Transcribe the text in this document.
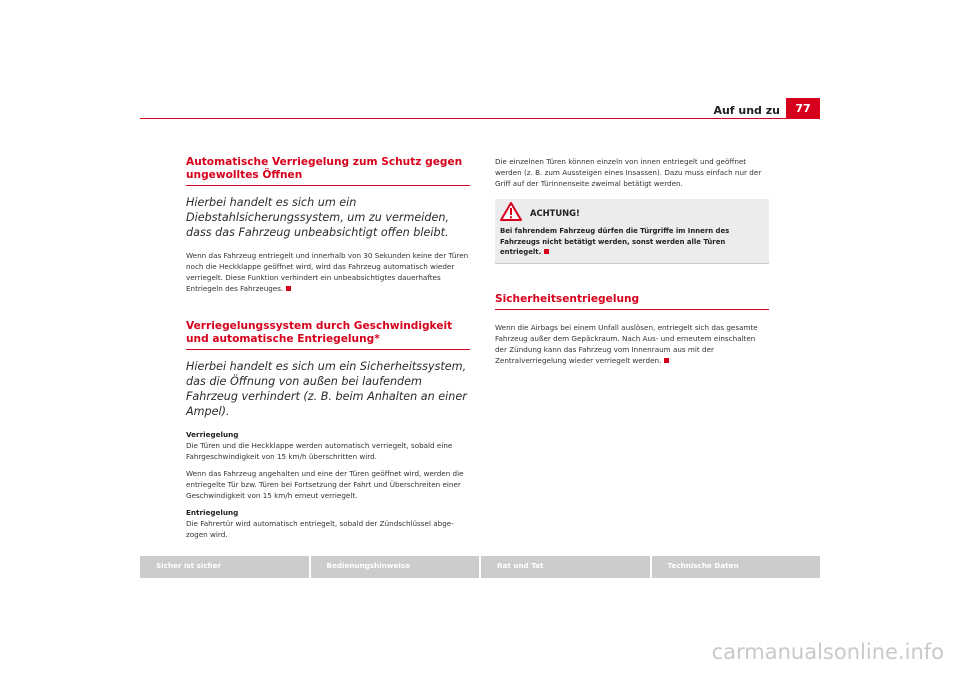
Auf und zu	77
Automatische Verriegelung zum Schutz gegen ungewolltes Öffnen
Hierbei handelt es sich um ein Diebstahlsicherungssystem, um zu vermeiden, dass das Fahrzeug unbeabsichtigt offen bleibt.

Wenn das Fahrzeug entriegelt und innerhalb von 30 Sekunden keine der Türen noch die Heckklappe geöffnet wird, wird das Fahrzeug automatisch wieder verriegelt. Diese Funktion verhindert ein unbeabsichtigtes dauerhaftes Entriegeln des Fahrzeuges.

Verriegelungssystem durch Geschwindigkeit und automatische Entriegelung*
Hierbei handelt es sich um ein Sicherheitssystem, das die Öffnung von außen bei laufendem Fahrzeug verhindert (z. B. beim Anhalten an einer Ampel).
Verriegelung

Die Türen und die Heckklappe werden automatisch verriegelt, sobald eine Fahrgeschwindigkeit von 15 km/h überschritten wird.

Wenn das Fahrzeug angehalten und eine der Türen geöffnet wird, werden die entriegelte Tür bzw. Türen bei Fortsetzung der Fahrt und Überschreiten einer Geschwindigkeit von 15 km/h erneut verriegelt.

Entriegelung

Die Fahrertür wird automatisch entriegelt, sobald der Zündschlüssel abgezogen wird.

Die einzelnen Türen können einzeln von innen entriegelt und geöffnet werden (z. B. zum Aussteigen eines Insassen). Dazu muss einfach nur der Griff auf der Türinnenseite zweimal betätigt werden.

ACHTUNG!
Bei fahrendem Fahrzeug dürfen die Türgriffe im Innern des Fahrzeugs nicht betätigt werden, sonst werden alle Türen entriegelt.
Sicherheitsentriegelung

Wenn die Airbags bei einem Unfall auslösen, entriegelt sich das gesamte Fahrzeug außer dem Gepäckraum. Nach Aus- und erneutem einschalten der Zündung kann das Fahrzeug vom Innenraum aus mit der Zentralverriegelung wieder verriegelt werden.

Sicher ist sicher	Bedienungshinweise	Rat und Tat	Technische Daten
carmanualsonline.info
